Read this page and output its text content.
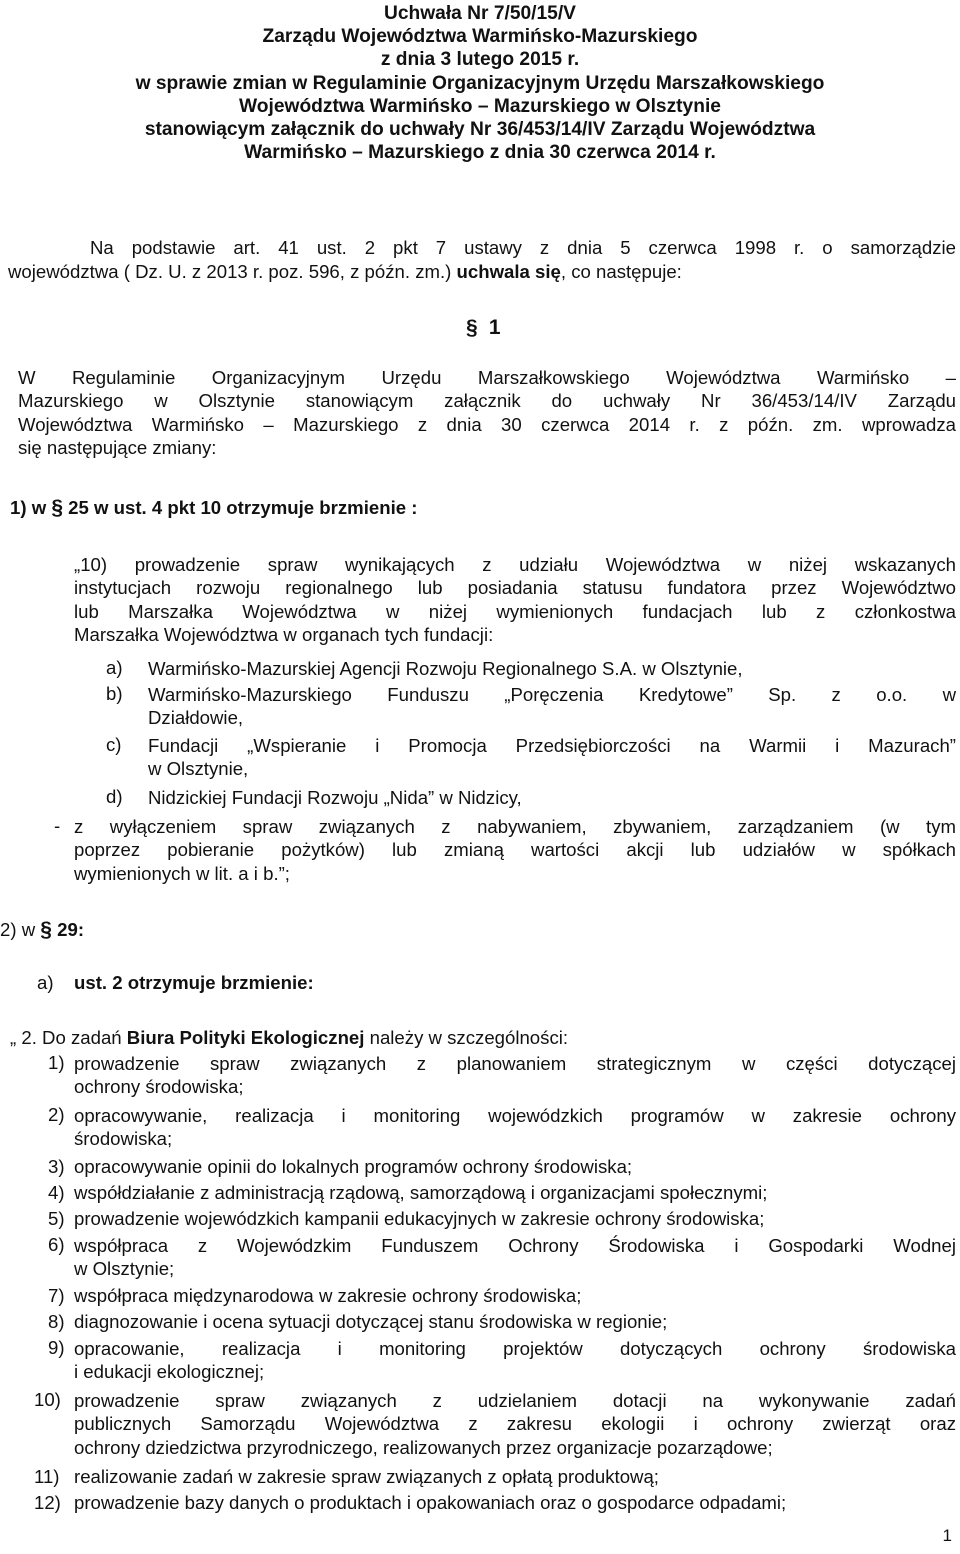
Uchwała Nr 7/50/15/V
Zarządu Województwa Warmińsko-Mazurskiego
z dnia 3 lutego 2015 r.
w sprawie zmian w Regulaminie Organizacyjnym Urzędu Marszałkowskiego
Województwa Warmińsko – Mazurskiego w Olsztynie
stanowiącym załącznik do uchwały Nr 36/453/14/IV Zarządu Województwa
Warmińsko – Mazurskiego z dnia 30 czerwca 2014 r.
Na podstawie art. 41 ust. 2 pkt 7 ustawy z dnia 5 czerwca 1998 r. o samorządzie
województwa ( Dz. U. z 2013 r. poz. 596, z późn. zm.) uchwala się, co następuje:
§ 1
W Regulaminie Organizacyjnym Urzędu Marszałkowskiego Województwa Warmińsko –
Mazurskiego w Olsztynie stanowiącym załącznik do uchwały Nr 36/453/14/IV Zarządu
Województwa Warmińsko – Mazurskiego z dnia 30 czerwca 2014 r. z późn. zm. wprowadza
się następujące zmiany:
1) w § 25 w ust. 4 pkt 10 otrzymuje brzmienie :
„10) prowadzenie spraw wynikających z udziału Województwa w niżej wskazanych
instytucjach rozwoju regionalnego lub posiadania statusu fundatora przez Województwo
lub Marszałka Województwa w niżej wymienionych fundacjach lub z członkostwa
Marszałka Województwa w organach tych fundacji:
a) Warmińsko-Mazurskiej Agencji Rozwoju Regionalnego S.A. w Olsztynie,
b) Warmińsko-Mazurskiego Funduszu „Poręczenia Kredytowe” Sp. z o.o. w
Działdowie,
c) Fundacji „Wspieranie i Promocja Przedsiębiorczości na Warmii i Mazurach”
w Olsztynie,
d) Nidzickiej Fundacji Rozwoju „Nida” w Nidzicy,
- z wyłączeniem spraw związanych z nabywaniem, zbywaniem, zarządzaniem (w tym
poprzez pobieranie pożytków) lub zmianą wartości akcji lub udziałów w spółkach
wymienionych w lit. a i b.”;
2) w § 29:
a) ust. 2 otrzymuje brzmienie:
„ 2. Do zadań Biura Polityki Ekologicznej należy w szczególności:
1) prowadzenie spraw związanych z planowaniem strategicznym w części dotyczącej
ochrony środowiska;
2) opracowywanie, realizacja i monitoring wojewódzkich programów w zakresie ochrony
środowiska;
3) opracowywanie opinii do lokalnych programów ochrony środowiska;
4) współdziałanie z administracją rządową, samorządową i organizacjami społecznymi;
5) prowadzenie wojewódzkich kampanii edukacyjnych w zakresie ochrony środowiska;
6) współpraca z Wojewódzkim Funduszem Ochrony Środowiska i Gospodarki Wodnej
w Olsztynie;
7) współpraca międzynarodowa w zakresie ochrony środowiska;
8) diagnozowanie i ocena sytuacji dotyczącej stanu środowiska w regionie;
9) opracowanie, realizacja i monitoring projektów dotyczących ochrony środowiska
i edukacji ekologicznej;
10) prowadzenie spraw związanych z udzielaniem dotacji na wykonywanie zadań
publicznych Samorządu Województwa z zakresu ekologii i ochrony zwierząt oraz
ochrony dziedzictwa przyrodniczego, realizowanych przez organizacje pozarządowe;
11) realizowanie zadań w zakresie spraw związanych z opłatą produktową;
12) prowadzenie bazy danych o produktach i opakowaniach oraz o gospodarce odpadami;
1
